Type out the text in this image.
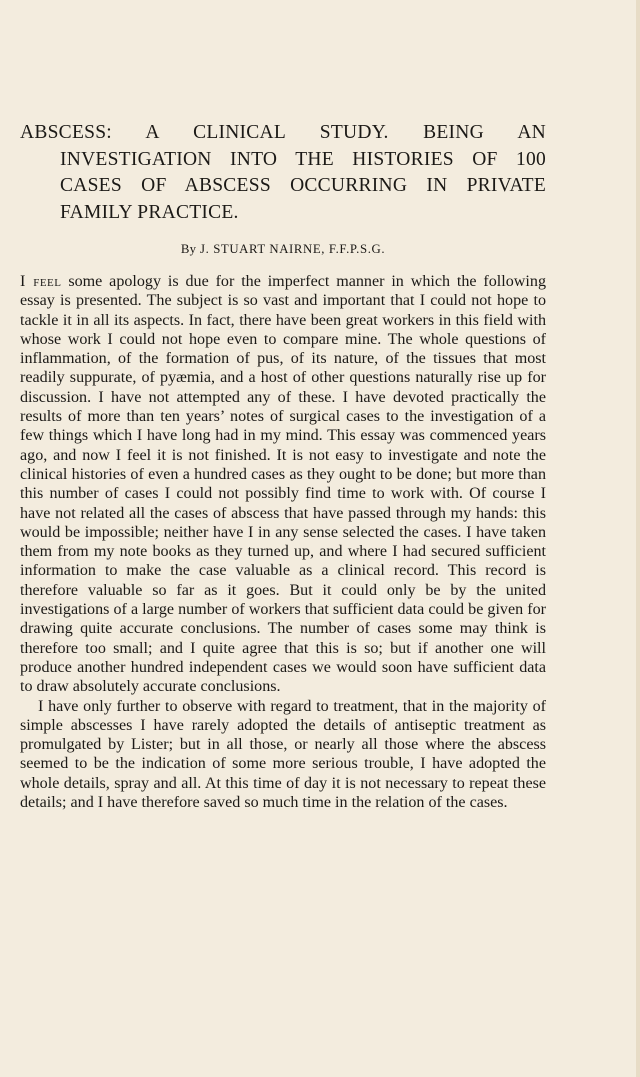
ABSCESS: A CLINICAL STUDY. BEING AN INVESTIGATION INTO THE HISTORIES OF 100 CASES OF ABSCESS OCCURRING IN PRIVATE FAMILY PRACTICE.

By J. STUART NAIRNE, F.F.P.S.G.

I feel some apology is due for the imperfect manner in which the following essay is presented. The subject is so vast and important that I could not hope to tackle it in all its aspects. In fact, there have been great workers in this field with whose work I could not hope even to compare mine. The whole questions of inflammation, of the formation of pus, of its nature, of the tissues that most readily suppurate, of pyæmia, and a host of other questions naturally rise up for discussion. I have not attempted any of these. I have devoted practically the results of more than ten years’ notes of surgical cases to the investigation of a few things which I have long had in my mind. This essay was commenced years ago, and now I feel it is not finished. It is not easy to investigate and note the clinical histories of even a hundred cases as they ought to be done; but more than this number of cases I could not possibly find time to work with. Of course I have not related all the cases of abscess that have passed through my hands: this would be impossible; neither have I in any sense selected the cases. I have taken them from my note books as they turned up, and where I had secured sufficient information to make the case valuable as a clinical record. This record is therefore valuable so far as it goes. But it could only be by the united investigations of a large number of workers that sufficient data could be given for drawing quite accurate conclusions. The number of cases some may think is therefore too small; and I quite agree that this is so; but if another one will produce another hundred independent cases we would soon have sufficient data to draw absolutely accurate conclusions.

I have only further to observe with regard to treatment, that in the majority of simple abscesses I have rarely adopted the details of antiseptic treatment as promulgated by Lister; but in all those, or nearly all those where the abscess seemed to be the indication of some more serious trouble, I have adopted the whole details, spray and all. At this time of day it is not necessary to repeat these details; and I have therefore saved so much time in the relation of the cases.
